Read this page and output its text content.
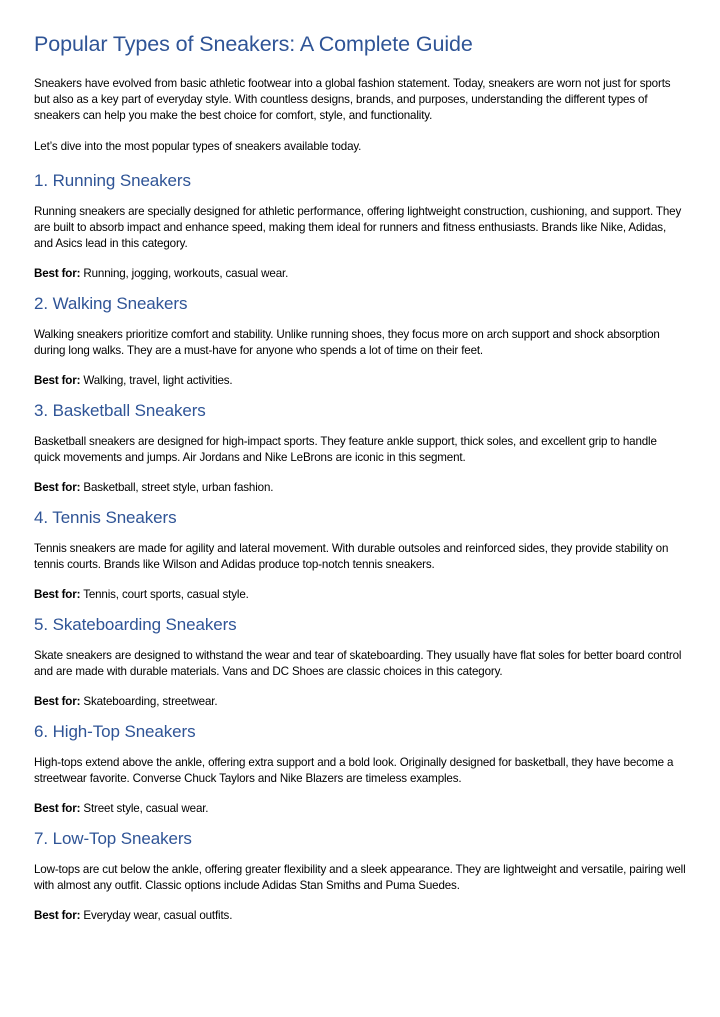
Popular Types of Sneakers: A Complete Guide

Sneakers have evolved from basic athletic footwear into a global fashion statement. Today, sneakers are worn not just for sports but also as a key part of everyday style. With countless designs, brands, and purposes, understanding the different types of sneakers can help you make the best choice for comfort, style, and functionality.

Let’s dive into the most popular types of sneakers available today.

1. Running Sneakers

Running sneakers are specially designed for athletic performance, offering lightweight construction, cushioning, and support. They are built to absorb impact and enhance speed, making them ideal for runners and fitness enthusiasts. Brands like Nike, Adidas, and Asics lead in this category.

Best for: Running, jogging, workouts, casual wear.

2. Walking Sneakers

Walking sneakers prioritize comfort and stability. Unlike running shoes, they focus more on arch support and shock absorption during long walks. They are a must-have for anyone who spends a lot of time on their feet.

Best for: Walking, travel, light activities.

3. Basketball Sneakers

Basketball sneakers are designed for high-impact sports. They feature ankle support, thick soles, and excellent grip to handle quick movements and jumps. Air Jordans and Nike LeBrons are iconic in this segment.

Best for: Basketball, street style, urban fashion.

4. Tennis Sneakers

Tennis sneakers are made for agility and lateral movement. With durable outsoles and reinforced sides, they provide stability on tennis courts. Brands like Wilson and Adidas produce top-notch tennis sneakers.

Best for: Tennis, court sports, casual style.

5. Skateboarding Sneakers

Skate sneakers are designed to withstand the wear and tear of skateboarding. They usually have flat soles for better board control and are made with durable materials. Vans and DC Shoes are classic choices in this category.

Best for: Skateboarding, streetwear.

6. High-Top Sneakers

High-tops extend above the ankle, offering extra support and a bold look. Originally designed for basketball, they have become a streetwear favorite. Converse Chuck Taylors and Nike Blazers are timeless examples.

Best for: Street style, casual wear.

7. Low-Top Sneakers

Low-tops are cut below the ankle, offering greater flexibility and a sleek appearance. They are lightweight and versatile, pairing well with almost any outfit. Classic options include Adidas Stan Smiths and Puma Suedes.

Best for: Everyday wear, casual outfits.
